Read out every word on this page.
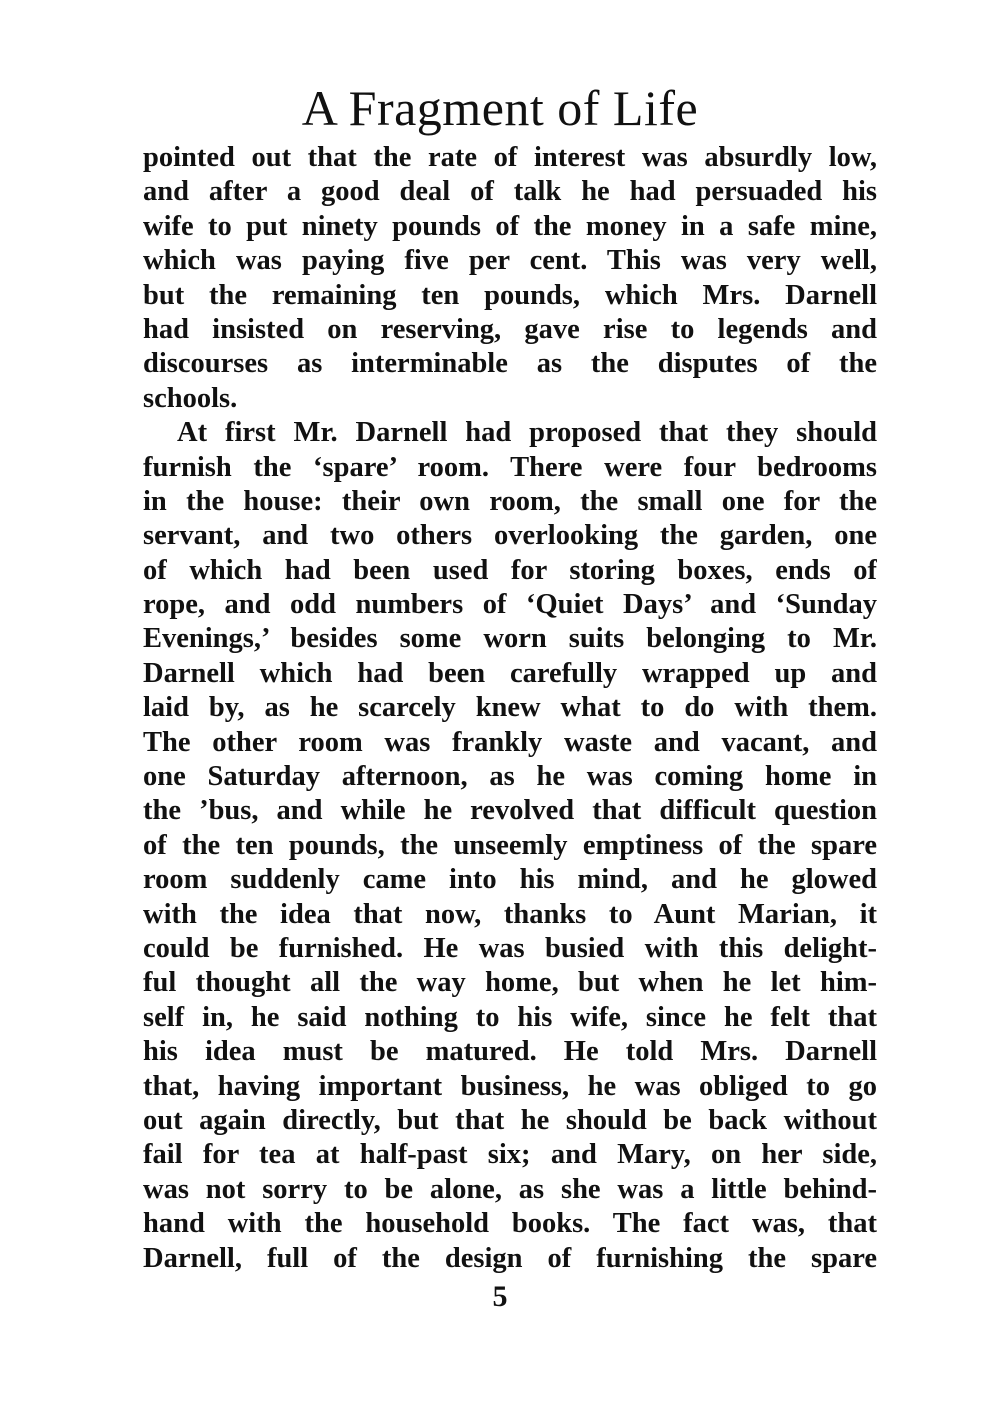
A Fragment of Life
pointed out that the rate of interest was absurdly low,
and after a good deal of talk he had persuaded his
wife to put ninety pounds of the money in a safe mine,
which was paying five per cent. This was very well,
but the remaining ten pounds, which Mrs. Darnell
had insisted on reserving, gave rise to legends and
discourses as interminable as the disputes of the
schools.
At first Mr. Darnell had proposed that they should
furnish the ‘spare’ room. There were four bedrooms
in the house: their own room, the small one for the
servant, and two others overlooking the garden, one
of which had been used for storing boxes, ends of
rope, and odd numbers of ‘Quiet Days’ and ‘Sunday
Evenings,’ besides some worn suits belonging to Mr.
Darnell which had been carefully wrapped up and
laid by, as he scarcely knew what to do with them.
The other room was frankly waste and vacant, and
one Saturday afternoon, as he was coming home in
the ’bus, and while he revolved that difficult question
of the ten pounds, the unseemly emptiness of the spare
room suddenly came into his mind, and he glowed
with the idea that now, thanks to Aunt Marian, it
could be furnished. He was busied with this delight-
ful thought all the way home, but when he let him-
self in, he said nothing to his wife, since he felt that
his idea must be matured. He told Mrs. Darnell
that, having important business, he was obliged to go
out again directly, but that he should be back without
fail for tea at half-past six; and Mary, on her side,
was not sorry to be alone, as she was a little behind-
hand with the household books. The fact was, that
Darnell, full of the design of furnishing the spare
5
